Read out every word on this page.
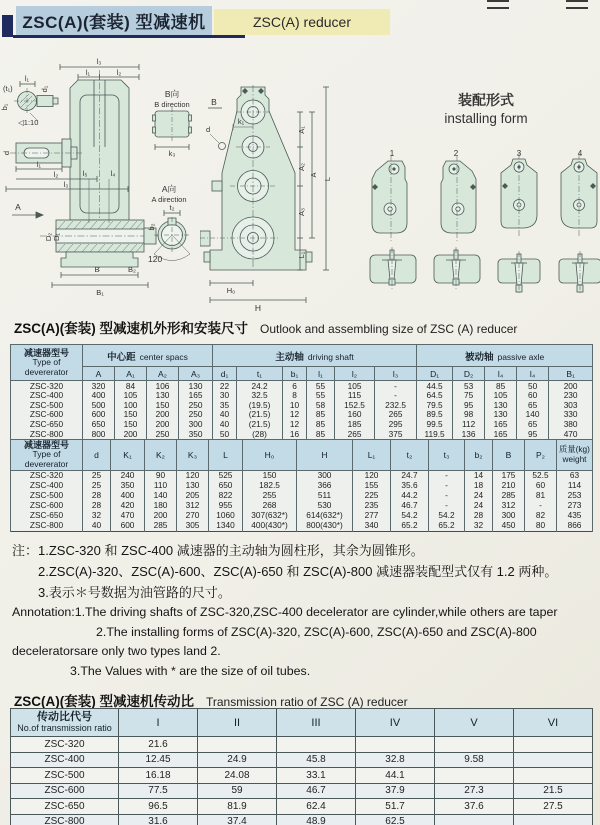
ZSC(A)(套装) 型减速机	ZSC(A) reducer
l₃
l₁	l₂
l₁
(t₁)
b₁
d₁
◁1:10
d
l₁
l₂
l₃
l₅	l₄
A
D₂ D₁
B	B₂
B₁
B向
B direction
k₃
A向
A direction
t₂
b₂
120
B
k₁
d	A₁
A₂
A₃
A
L
L₁
H₀
H
装配形式
installing form
1	2	3	4
ZSC(A)(套装) 型减速机外形和安装尺寸 Outlook and assembling size of ZSC (A) reducer
减速器型号
Type of
devererator	中心距 center spacs				主动轴 driving shaft						被动轴 passive axle				
	A	A₁	A₂	A₃	d₁	t₁	b₁	l₁	l₂	l₃	D₁	D₂	l₄	l₄	B₁
ZSC-320	320	84	106	130	22	24.2	6	55	105	-	44.5	53	85	50	200
ZSC-400	400	105	130	165	30	32.5	8	55	115	-	64.5	75	105	60	230
ZSC-500	500	100	150	250	35	(19.5)	10	58	152.5	232.5	79.5	95	130	65	303
ZSC-600	600	150	200	250	40	(21.5)	12	85	160	265	89.5	98	130	140	330
ZSC-650	650	150	200	300	40	(21.5)	12	85	185	295	99.5	112	165	65	380
ZSC-800	800	200	250	350	50	(28)	16	85	265	375	119.5	136	165	95	470
减速器型号
Type of
devererator	d	K₁	K₂	K₃	L	H₀	H	L₁	t₂	t₃	b₂	B	P₂	质量(kg)
weight

ZSC-320	25	240	90	120	525	150	300	120	24.7	-	14	175	52.5	63
ZSC-400	25	350	110	130	650	182.5	366	155	35.6	-	18	210	60	114
ZSC-500	28	400	140	205	822	255	511	225	44.2	-	24	285	81	253
ZSC-600	28	420	180	312	955	268	530	235	46.7	-	24	312	-	273
ZSC-650	32	470	200	270	1060	307(632*)	614(632*)	277	54.2	54.2	28	300	82	435
ZSC-800	40	600	285	305	1340	400(430*)	800(430*)	340	65.2	65.2	32	450	80	866

注：1.ZSC-320 和 ZSC-400 减速器的主动轴为圆柱形，其余为圆锥形。

2.ZSC(A)-320、ZSC(A)-600、ZSC(A)-650 和 ZSC(A)-800 减速器装配型式仅有 1.2 两种。

3.表示＊号数据为油管路的尺寸。

Annotation:1.The driving shafts of ZSC-320,ZSC-400 decelerator are cylinder,while others are taper

2.The installing forms of ZSC(A)-320, ZSC(A)-600, ZSC(A)-650 and ZSC(A)-800

deceleratorsare only two types land 2.

3.The Values with * are the size of oil tubes.

ZSC(A)(套装) 型减速机传动比 Transmission ratio of ZSC (A) reducer
传动比代号
No.of transmission ratio	I	II	III	IV	V	VI
ZSC-320	21.6					
ZSC-400	12.45	24.9	45.8	32.8	9.58	
ZSC-500	16.18	24.08	33.1	44.1		
ZSC-600	77.5	59	46.7	37.9	27.3	21.5
ZSC-650	96.5	81.9	62.4	51.7	37.6	27.5
ZSC-800	31.6	37.4	48.9	62.5		
